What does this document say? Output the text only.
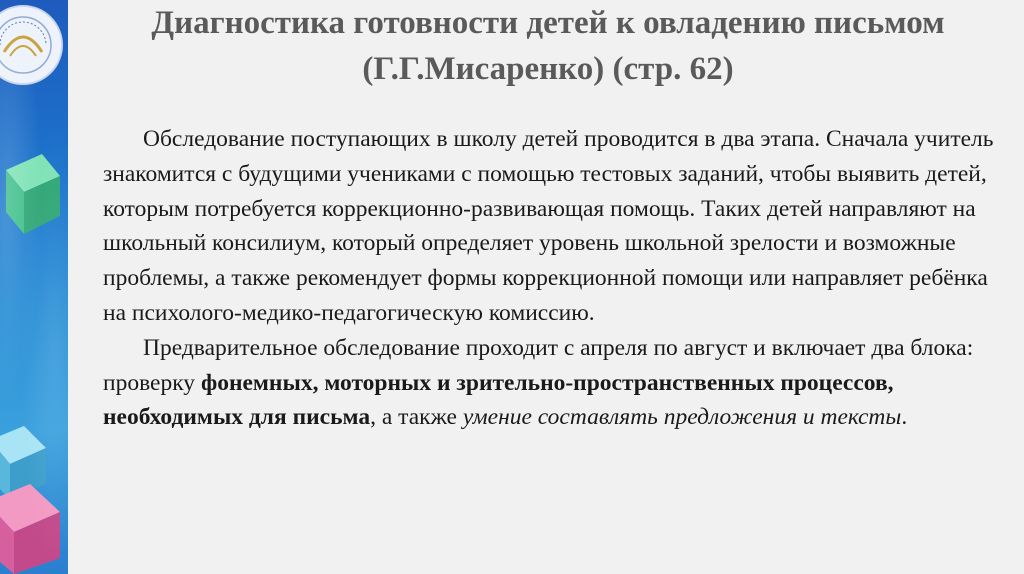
Диагностика готовности детей к овладению письмом
(Г.Г.Мисаренко) (стр. 62)

Обследование поступающих в школу детей проводится в два этапа. Сначала учитель знакомится с будущими учениками с помощью тестовых заданий, чтобы выявить детей, которым потребуется коррекционно-развивающая помощь. Таких детей направляют на школьный консилиум, который определяет уровень школьной зрелости и возможные проблемы, а также рекомендует формы коррекционной помощи или направляет ребёнка на психолого-медико-педагогическую комиссию.

Предварительное обследование проходит с апреля по август и включает два блока: проверку фонемных, моторных и зрительно-пространственных процессов, необходимых для письма, а также умение составлять предложения и тексты.
